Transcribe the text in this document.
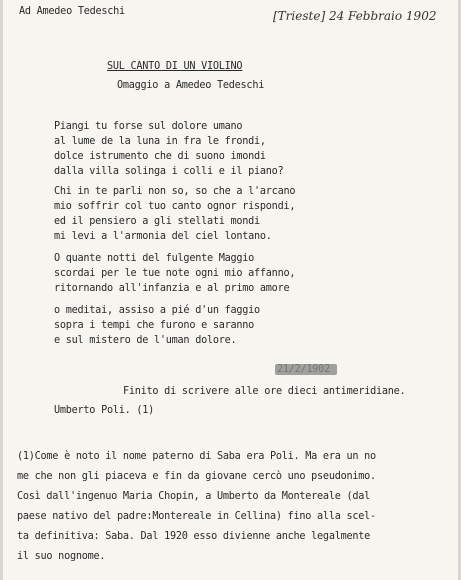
Ad Amedeo Tedeschi	[Trieste] 24 Febbraio 1902
SUL CANTO DI UN VIOLINO
Omaggio a Amedeo Tedeschi
Piangi tu forse sul dolore umano
al lume de la luna in fra le frondi,
dolce istrumento che di suono imondi
dalla villa solinga i colli e il piano?
Chi in te parli non so, so che a l'arcano
mio soffrir col tuo canto ognor rispondi,
ed il pensiero a gli stellati mondi
mi levi a l'armonia del ciel lontano.
O quante notti del fulgente Maggio
scordai per le tue note ogni mio affanno,
ritornando all'infanzia e al primo amore
o meditai, assiso a pié d'un faggio
sopra i tempi che furono e saranno
e sul mistero de l'uman dolore.
21/2/1902
Finito di scrivere alle ore dieci antimeridiane.
Umberto Poli. (1)
(1)Come è noto il nome paterno di Saba era Poli. Ma era un no
me che non gli piaceva e fin da giovane cercò uno pseudonimo.
Così dall'ingenuo Maria Chopin, a Umberto da Montereale (dal
paese nativo del padre:Montereale in Cellina) fino alla scel-
ta definitiva: Saba. Dal 1920 esso divienne anche legalmente
il suo nognome.
